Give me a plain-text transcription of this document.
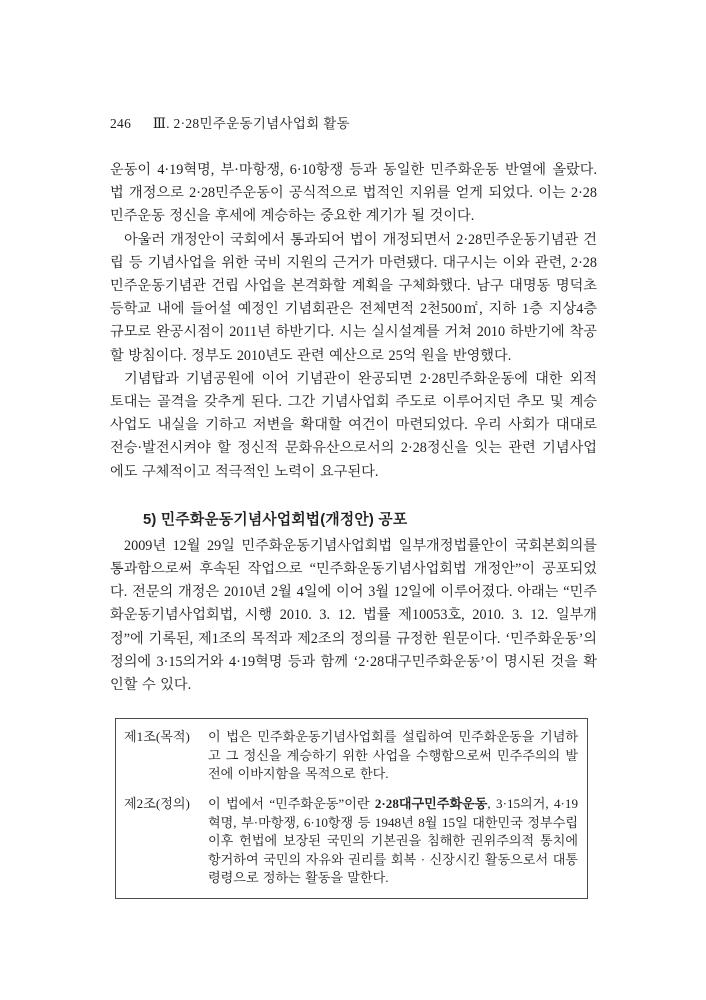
246 Ⅲ. 2·28민주운동기념사업회 활동

운동이 4·19혁명, 부·마항쟁, 6·10항쟁 등과 동일한 민주화운동 반열에 올랐다. 법 개정으로 2·28민주운동이 공식적으로 법적인 지위를 얻게 되었다. 이는 2·28민주운동 정신을 후세에 계승하는 중요한 계기가 될 것이다.

아울러 개정안이 국회에서 통과되어 법이 개정되면서 2·28민주운동기념관 건립 등 기념사업을 위한 국비 지원의 근거가 마련됐다. 대구시는 이와 관련, 2·28민주운동기념관 건립 사업을 본격화할 계획을 구체화했다. 남구 대명동 명덕초등학교 내에 들어설 예정인 기념회관은 전체면적 2천500㎡, 지하 1층 지상4층 규모로 완공시점이 2011년 하반기다. 시는 실시설계를 거쳐 2010 하반기에 착공할 방침이다. 정부도 2010년도 관련 예산으로 25억 원을 반영했다.

기념탑과 기념공원에 이어 기념관이 완공되면 2·28민주화운동에 대한 외적 토대는 골격을 갖추게 된다. 그간 기념사업회 주도로 이루어지던 추모 및 계승 사업도 내실을 기하고 저변을 확대할 여건이 마련되었다. 우리 사회가 대대로 전승·발전시켜야 할 정신적 문화유산으로서의 2·28정신을 잇는 관련 기념사업에도 구체적이고 적극적인 노력이 요구된다.

5) 민주화운동기념사업회법(개정안) 공포

2009년 12월 29일 민주화운동기념사업회법 일부개정법률안이 국회본회의를 통과함으로써 후속된 작업으로 “민주화운동기념사업회법 개정안”이 공포되었다. 전문의 개정은 2010년 2월 4일에 이어 3월 12일에 이루어졌다. 아래는 “민주화운동기념사업회법, 시행 2010. 3. 12. 법률 제10053호, 2010. 3. 12. 일부개정”에 기록된, 제1조의 목적과 제2조의 정의를 규정한 원문이다. ‘민주화운동’의 정의에 3·15의거와 4·19혁명 등과 함께 ‘2·28대구민주화운동’이 명시된 것을 확인할 수 있다.

제1조(목적)	이 법은 민주화운동기념사업회를 설립하여 민주화운동을 기념하고 그 정신을 계승하기 위한 사업을 수행함으로써 민주주의의 발전에 이바지함을 목적으로 한다.
제2조(정의)	이 법에서 “민주화운동”이란 2·28대구민주화운동, 3·15의거, 4·19혁명, 부·마항쟁, 6·10항쟁 등 1948년 8월 15일 대한민국 정부수립 이후 헌법에 보장된 국민의 기본권을 침해한 권위주의적 통치에 항거하여 국민의 자유와 권리를 회복 · 신장시킨 활동으로서 대통령령으로 정하는 활동을 말한다.
